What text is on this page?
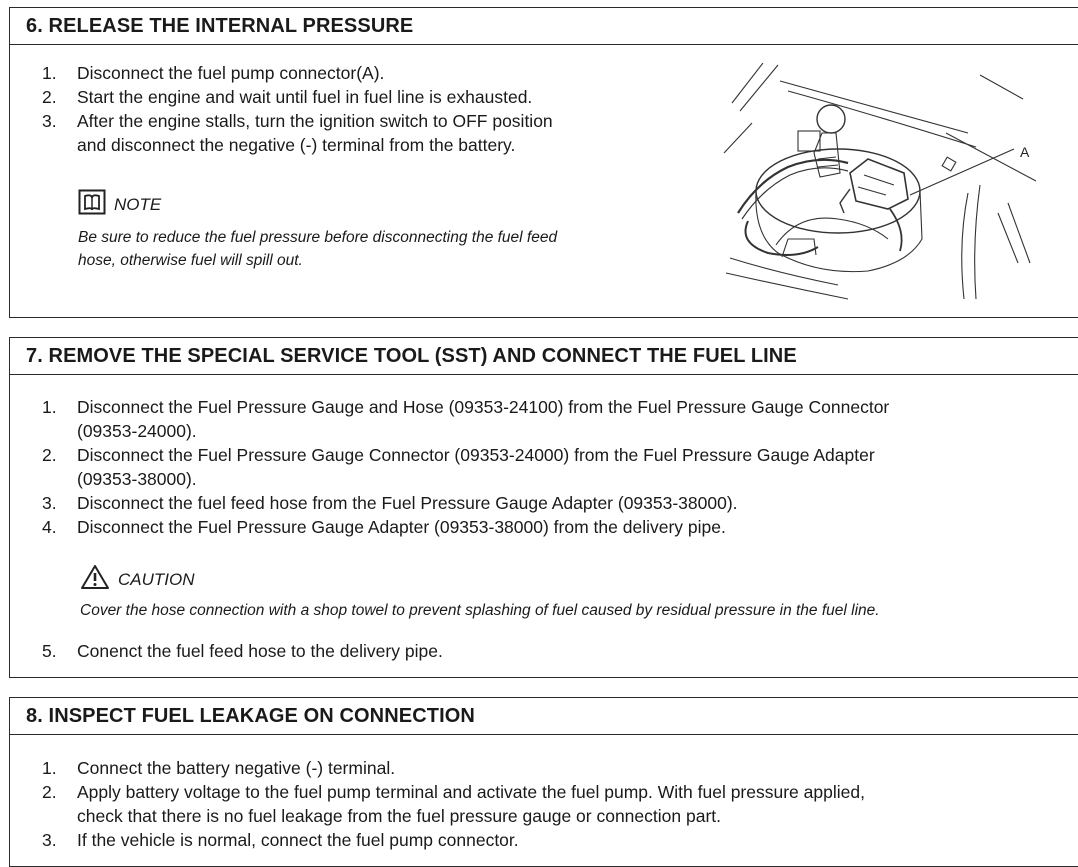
6. RELEASE THE INTERNAL PRESSURE
1. Disconnect the fuel pump connector(A).
2. Start the engine and wait until fuel in fuel line is exhausted.
3. After the engine stalls, turn the ignition switch to OFF position
and disconnect the negative (-) terminal from the battery.
NOTE
Be sure to reduce the fuel pressure before disconnecting the fuel feed
hose, otherwise fuel will spill out.
A
7. REMOVE THE SPECIAL SERVICE TOOL (SST) AND CONNECT THE FUEL LINE
1. Disconnect the Fuel Pressure Gauge and Hose (09353-24100) from the Fuel Pressure Gauge Connector
(09353-24000).
2. Disconnect the Fuel Pressure Gauge Connector (09353-24000) from the Fuel Pressure Gauge Adapter
(09353-38000).
3. Disconnect the fuel feed hose from the Fuel Pressure Gauge Adapter (09353-38000).
4. Disconnect the Fuel Pressure Gauge Adapter (09353-38000) from the delivery pipe.
CAUTION
Cover the hose connection with a shop towel to prevent splashing of fuel caused by residual pressure in the fuel line.
5. Conenct the fuel feed hose to the delivery pipe.
8. INSPECT FUEL LEAKAGE ON CONNECTION
1. Connect the battery negative (-) terminal.
2. Apply battery voltage to the fuel pump terminal and activate the fuel pump. With fuel pressure applied,
check that there is no fuel leakage from the fuel pressure gauge or connection part.
3. If the vehicle is normal, connect the fuel pump connector.
